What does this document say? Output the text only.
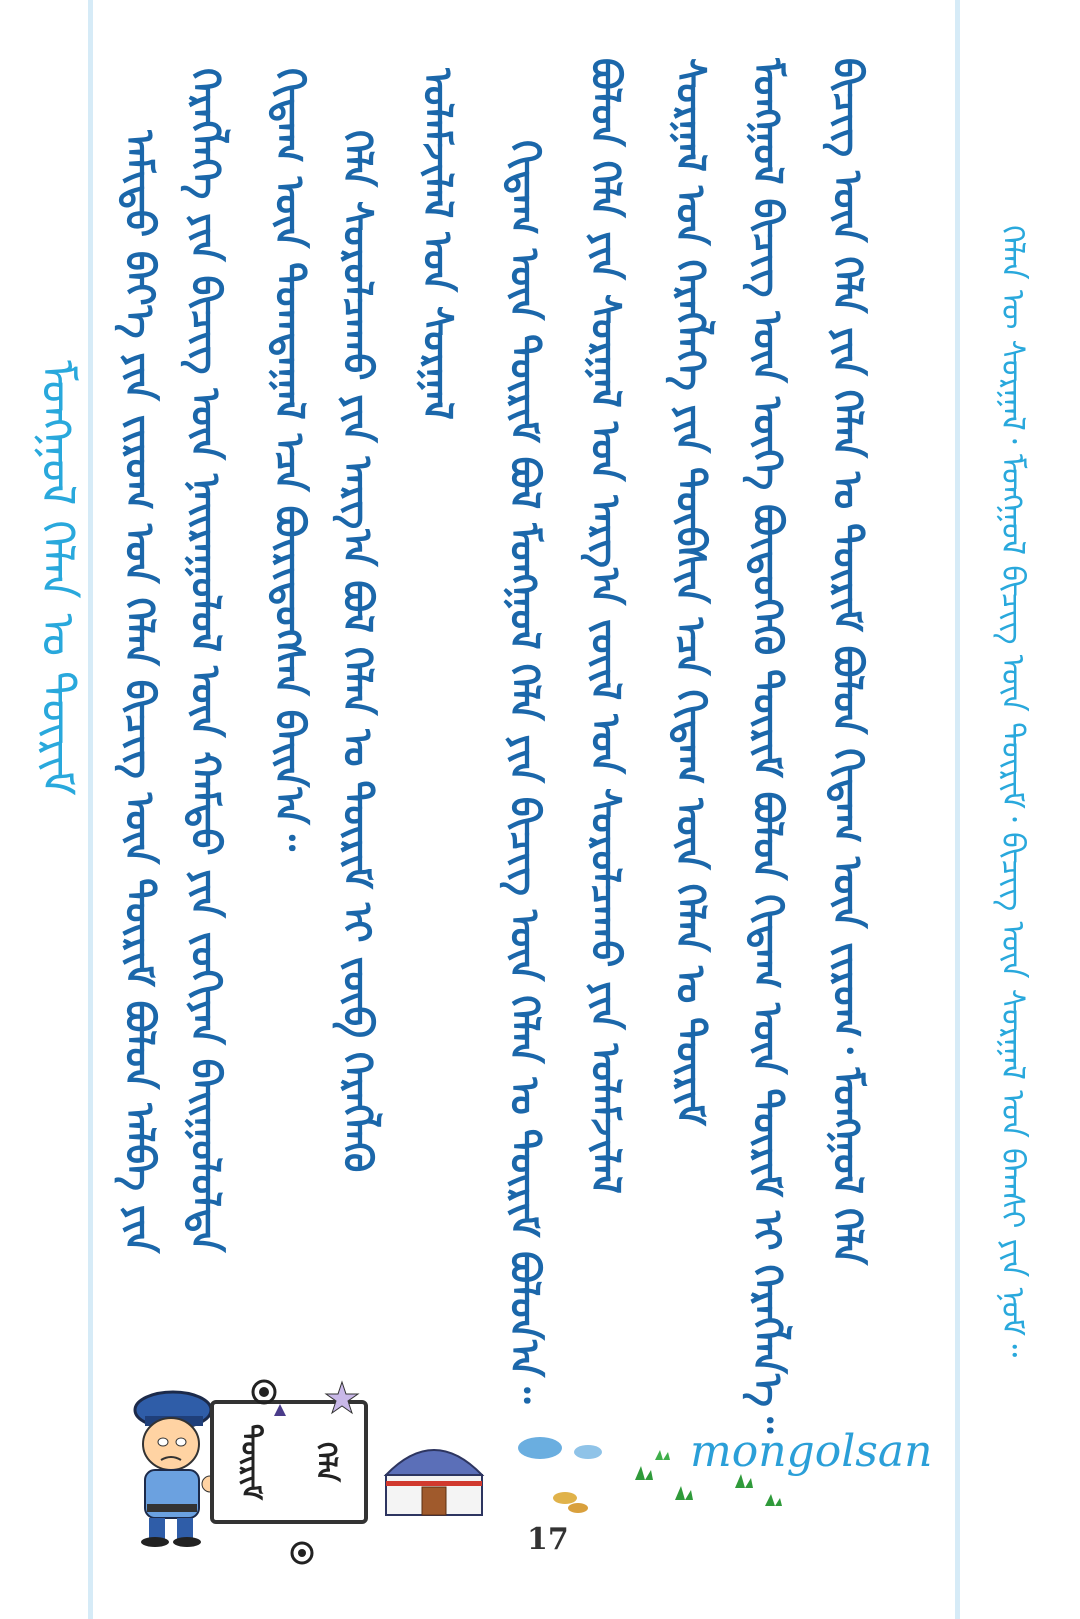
ᠮᠣᠩᠭᠣᠯ ᠬᠡᠯᠡᠨ ᠤ ᠳᠦᠷᠢᠮ ᠠᠮᠢᠳᠤ ᠪᠡᠶ᠎ᠡ ᠶᠢᠨ ᠵᠢᠷᠤᠭ ᠤᠨ ᠬᠡᠯᠡᠨ ᠪᠢᠴᠢᠭ ᠦᠨ ᠳᠦᠷᠢᠮ ᠪᠣᠯᠤᠨ ᠠᠯᠪᠠ ᠶᠢᠨ ᠬᠡᠷᠡᠭᠯᠡᠭᠡ ᠶᠢᠨ ᠪᠢᠴᠢᠭ ᠦᠨ ᠨᠠᠢᠷᠠᠭᠤᠯᠤᠯ ᠦᠨ ᠬᠠᠮᠲᠤ ᠶᠢᠨ ᠵᠣᠬᠢᠶᠠᠨ ᠪᠠᠢᠭᠤᠯᠤᠯᠲᠠ ᠬᠢᠳᠠᠭ ᠦᠨ ᠲᠣᠭᠲᠠᠭᠠᠯ ᠡᠴᠡ ᠪᠦᠷᠢᠳᠦᠭᠰᠡᠨ ᠪᠠᠢᠨ᠎ᠠ᠃ ᠬᠡᠯᠡ ᠰᠤᠷᠤᠯᠴᠠᠬᠤ ᠶᠢᠨ ᠠᠷᠭ᠎ᠠ ᠪᠣᠯ ᠬᠡᠯᠡᠨ ᠤ ᠳᠦᠷᠢᠮ ᠢ ᠵᠥᠪ ᠬᠡᠷᠡᠭᠯᠡᠬᠦ ᠤᠯᠠᠮᠵᠢᠯᠠᠯ ᠤᠨ ᠰᠤᠷᠭᠠᠯ ᠬᠢᠳᠠᠭ ᠦᠨ ᠳᠦᠷᠢᠮ ᠪᠣᠯ ᠮᠣᠩᠭᠣᠯ ᠬᠡᠯᠡ ᠶᠢᠨ ᠪᠢᠴᠢᠭ ᠦᠨ ᠬᠡᠯᠡᠨ ᠤ ᠳᠦᠷᠢᠮ ᠪᠣᠯᠤᠨ᠎ᠠ᠃ ᠪᠣᠯᠤᠨ ᠬᠡᠯᠡ ᠶᠢᠨ ᠰᠤᠷᠭᠠᠯ ᠤᠨ ᠠᠷᠭ᠎ᠠ ᠵᠦᠢᠯ ᠤᠨ ᠰᠤᠷᠤᠯᠴᠠᠬᠤ ᠶᠢᠨ ᠤᠯᠠᠮᠵᠢᠯᠠᠯ ᠰᠤᠷᠭᠠᠯ ᠤᠨ ᠬᠡᠷᠡᠭᠯᠡᠭᠡ ᠶᠢᠨ ᠲᠦᠪᠰᠢᠨ ᠡᠴᠡ ᠬᠢᠳᠠᠭ ᠦᠨ ᠬᠡᠯᠡᠨ ᠤ ᠳᠦᠷᠢᠮ ᠮᠣᠩᠭᠣᠯ ᠪᠢᠴᠢᠭ ᠦᠨ ᠦᠭᠡ ᠪᠦᠲᠦᠭᠡᠬᠦ ᠳᠦᠷᠢᠮ ᠪᠣᠯᠤᠨ ᠬᠢᠳᠠᠭ ᠦᠨ ᠳᠦᠷᠢᠮ ᠢ ᠬᠡᠷᠡᠭᠯᠡᠨ᠎ᠡ᠃ ᠪᠢᠴᠢᠭ ᠦᠨ ᠬᠡᠯᠡ ᠶᠢᠨ ᠬᠡᠯᠡᠨ ᠤ ᠳᠦᠷᠢᠮ ᠪᠣᠯᠤᠨ ᠬᠢᠳᠠᠭ ᠦᠨ ᠵᠢᠷᠤᠭ᠂ ᠮᠣᠩᠭᠣᠯ ᠬᠡᠯᠡ	ᠬᠡᠯᠡᠨ ᠦ ᠰᠤᠷᠭᠠᠯ᠂ ᠮᠣᠩᠭᠣᠯ ᠪᠢᠴᠢᠭ ᠦᠨ ᠳᠦᠷᠢᠮ᠂ ᠪᠢᠴᠢᠭ ᠦᠨ ᠰᠤᠷᠭᠠᠯ ᠤᠨ ᠪᠠᠭᠰᠢ ᠶᠢᠨ ᠨᠣᠮ᠃
ᠳᠦᠷᠢᠮ ᠬᠡᠯᠡ
17
mongolsan
